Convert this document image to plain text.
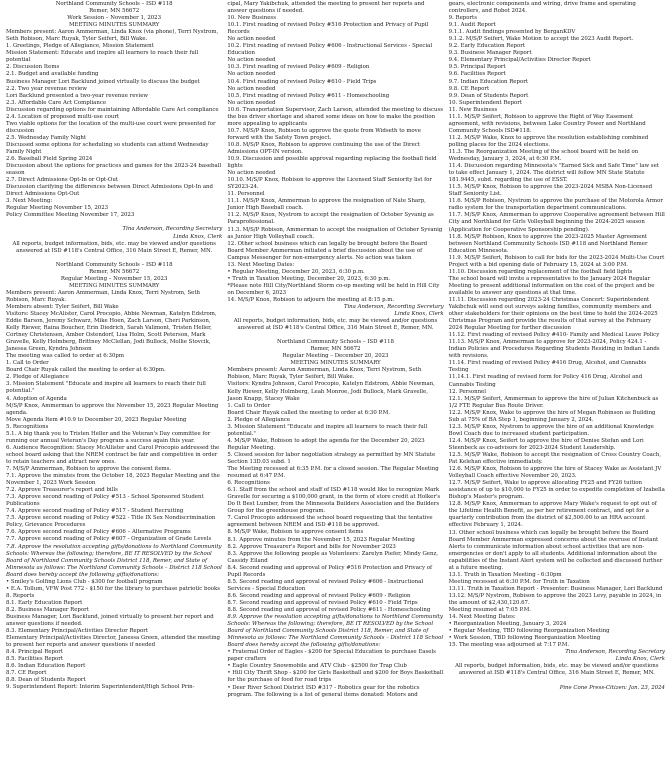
Northland Community Schools – ISD #118

Remer, MN 56672

Work Session – November 1, 2023

MEETING MINUTES SUMMARY

Members present: Aaron Ammerman, Linda Knox (via phone), Terri Nystrom, Seth Robison, Marc Ruyak, Tyler Seifert, Bill Wake.

1. Greetings, Pledge of Allegiance, Mission Statement

Mission Statement: Educate and inspire all learners to reach their full potential

2. Discussion Items

2.1. Budget and available funding

Business Manager Lori Backlund joined virtually to discuss the budget

2.2. Two year revenue review

Lori Backlund presented a two-year revenue review

2.3. Affordable Care Act Compliance

Discussion regarding options for maintaining Affordable Care Act compliance

2.4. Location of proposed multi-use court

Two viable options for the location of the multi-use court were presented for discussion

2.5. Wednesday Family Night

Discussed some options for scheduling so students can attend Wednesday Family Night

2.6. Baseball Field Spring 2024

Discussion about the options for practices and games for the 2023-24 baseball season

2.7. Direct Admissions Opt-In or Opt-Out

Discussion clarifying the differences between Direct Admissions Opt-In and Direct Admissions Opt-Out

3. Next Meeting:

Regular Meeting November 15, 2023

Policy Committee Meeting November 17, 2023

Tina Anderson, Recording Secretary

Linda Knox, Clerk

All reports, budget information, bids, etc. may be viewed and/or questions answered at ISD #118's Central Office, 316 Main Street E, Remer, MN.

Northland Community Schools – ISD #118

Remer, MN 56672

Regular Meeting – November 15, 2023

MEETING MINUTES SUMMARY

Members present: Aaron Ammerman, Linda Knox, Terri Nystrom, Seth Robison, Marc Ruyak.

Members absent: Tyler Seifert, Bill Wake

Visitors: Stacey McAlister, Carol Procopio, Abbie Newman, Katelyn Edstrom, Eddie Barson, Jeremy Schwarz, Mike Hoen, Zach Larson, Cheri Parkinson, Kelly Riewer, Raina Boucher, Erin Diedrich, Sarah Valimont, Tristen Heller, Cortney Christensen, Amber Ostendorf, Lisa Holm, Scott Peterson, Mark Gravelle, Kelly Holmberg, Brittney McClellan, Jodi Bullock, Mollie Stovcik, Janessa Green, Kyndra Johnson

The meeting was called to order at 6:30pm

1. Call to Order

Board Chair Ruyak called the meeting to order at 6:30pm.

2. Pledge of Allegiance

3. Mission Statement "Educate and inspire all learners to reach their full potential."

4. Adoption of Agenda

M/S/P Knox, Ammerman to approve the November 15, 2023 Regular Meeting agenda.

Move Agenda Item #10.9 to December 20, 2023 Regular Meeting

5. Recognitions

5.1. A big thank you to Tristen Heller and the Veteran's Day committee for running our annual Veteran's Day program a success again this year.

6. Audience Recognition: Stacey McAllister and Carol Procopio addressed the school board asking that the NREM contract be fair and competitive in order to retain teachers and attract new ones.

7. M/S/P Ammerman, Robison to approve the consent items.

7.1. Approve the minutes from the October 18, 2023 Regular Meeting and the November 1, 2023 Work Session

7.2. Approve Treasurer's report and bills

7.3. Approve second reading of Policy #513 - School Sponsored Student Publications

7.4. Approve second reading of Policy #517 - Student Recruiting

7.5. Approve second reading of Policy #522 - Title IX Sex Nondiscrimination Policy, Grievance Procedures

7.6. Approve second reading of Policy #606 – Alternative Programs

7.7. Approve second reading of Policy #607 - Organization of Grade Levels

7.8. Approve the resolution accepting gifts/donations to Northland Community Schools: Whereas the following; therefore, BE IT RESOLVED by the School Board of Northland Community Schools District 118, Remer, and State of Minnesota as follows: The Northland Community Schools – District 118 School Board does hereby accept the following gifts/donations:

• Smiley's Golfing Lions Club - $300 for football program

• E.A. Tollum, VFW Post 772 - $150 for the library to purchase patriotic books

8. Reports

8.1. Early Education Report

8.2. Business Manager Report

Business Manager, Lori Backlund, joined virtually to present her report and answer questions if needed.

8.3. Elementary Principal/Activities Director Report

Elementary Principal/Activities Director, Janessa Green, attended the meeting to present her reports and answer questions if needed

8.4. Principal Report

8.5. Facilities Report

8.6. Indian Education Report

8.7. CE Report

8.8. Dean of Students Report

9. Superintendent Report: Interim Superintendent/High School Prin-

cipal, Mary Yakibchuk, attended the meeting to present her reports and answer questions if needed.

10. New Business

10.1. First reading of revised Policy #516 Protection and Privacy of Pupil Records

No action needed

10.2. First reading of revised Policy #606 - Instructional Services - Special Education

No action needed

10.3. First reading of revised Policy #609 - Religion

No action needed

10.4. First reading of revised Policy #610 - Field Trips

No action needed

10.5. First reading of revised Policy #611 - Homeschooling

No action needed

10.6. Transportation Supervisor, Zach Larson, attended the meeting to discuss the bus driver shortage and shared some ideas on how to make the position more appealing to applicants

10.7. M/S/P Knox, Robison to approve the quote from Widseth to move forward with the Safety Town project.

10.8. M/S/P Knox, Robison to approve continuing the use of the Direct Admissions OPT-IN version.

10.9. Discussion and possible approval regarding replacing the football field lights

No action needed

10.10. M/S/P Knox, Robison to approve the Licensed Staff Seniority list for SY2023-24.

11. Personnel

11.1. M/S/P Knox, Ammerman to approve the resignation of Nate Sharp, Junior High Baseball coach.

11.2. M/S/P Knox, Nystrom to accept the resignation of October Syvanig as Paraprofessional.

11.3. M/S/P Robison, Ammerman to accept the resignation of October Syvanig as Junior High Volleyball coach.

12. Other school business which can legally be brought before the Board

Board Member Ammerman initiated a brief discussion about the use of Campus Messenger for non-emergency alerts. No action was taken

13. Next Meeting Dates:

• Regular Meeting, December 20, 2023, 6:30 p.m.

• Truth in Taxation Meeting, December 20, 2023, 6:30 p.m.

*Please note Hill City/Northland Storm co-op meeting will be held in Hill City on December 6, 2023

14. M/S/P Knox, Robison to adjourn the meeting at 8:15 p.m.

Tina Anderson, Recording Secretary

Linda Knox, Clerk

All reports, budget information, bids, etc. may be viewed and/or questions answered at ISD #118's Central Office, 316 Main Street E, Remer, MN.

Northland Community Schools – ISD #118

Remer, MN 56672

Regular Meeting – December 20, 2023

MEETING MINUTES SUMMARY

Members present: Aaron Ammerman, Linda Knox, Terri Nystrom, Seth Robison, Marc Ruyak, Tyler Seifert, Bill Wake.

Visitors: Kyndra Johnson, Carol Procopio, Katelyn Edstrom, Abbie Newman, Kelly Riewer, Kelly Holmberg, Leah Monroe, Jodi Bullock, Mark Gravelle, Jason Knapp, Stacey Wake

1. Call to Order

Board Chair Ruyak called the meeting to order at 6:30 P.M.

2. Pledge of Allegiance

3. Mission Statement "Educate and inspire all learners to reach their full potential."

4. M/S/P Wake, Robison to adopt the agenda for the December 20, 2023 Regular Meeting.

5. Closed session for labor negotiation strategy as permitted by MN Statute Section 13D.03 subd. 1

The Meeting recessed at 6:35 P.M. for a closed session. The Regular Meeting resumed at 6:47 P.M.

6. Recognitions

6.1. Staff from the school and staff of ISD #118 would like to recognize Mark Gravelle for securing a $100,000 grant, in the form of store credit at Holker's Do It Best Lumber, from the Minnesota Builders Association and the Builders Group for the greenhouse program.

7. Carol Procopio addressed the school board requesting that the tentative agreement between NREM and ISD #118 be approved.

8. M/S/P Wake, Robison to approve consent items

8.1. Approve minutes from the November 15, 2023 Regular Meeting

8.2. Approve Treasurer's Report and bills for November 2023

8.3. Approve the following people as Volunteers: Zarelyn Piefer, Mindy Genz, Cassidy Eiland

8.4. Second reading and approval of Policy #516 Protection and Privacy of Pupil Records

8.5. Second reading and approval of revised Policy #606 - Instructional Services - Special Education

8.6. Second reading and approval of revised Policy #609 - Religion

8.7. Second reading and approval of revised Policy #610 - Field Trips

8.8. Second reading and approval of revised Policy #611 - Homeschooling

8.9. Approve the resolution accepting gifts/donations to Northland Community Schools: Whereas the following; therefore, BE IT RESOLVED by the School Board of Northland Community Schools District 118, Remer, and State of Minnesota as follows: The Northland Community Schools – District 118 School Board does hereby accept the following gifts/donations:

• Fraternal Order of Eagles - $200 for Special Education to purchase Easels paper crafters

• Eagle Country Snowmobile and ATV Club - $2500 for Trap Club

• Hill City Thrift Shop - $200 for Girls Basketball and $200 for Boys Basketball for the purchase of food for road trips

• Deer River School District ISD #317 - Robotics gear for the robotics program. The following is a list of general items donated: Motors and

gears, electronic components and wiring, drive frame and operating controllers, and Robot 2024.

9. Reports

9.1. Audit Report

9.1.1. Audit findings presented by BerganKDV

9.1.2. M/S/P Seifert, Wake Motion to accept the 2023 Audit Report.

9.2. Early Education Report

9.3. Business Manager Report

9.4. Elementary Principal/Activities Director Report

9.5. Principal Report

9.6. Facilities Report

9.7. Indian Education Report

9.8. CE Report

9.9. Dean of Students Report

10. Superintendent Report

11. New Business

11.1. M/S/P Seifert, Robison to approve the Right of Way Easement agreement, with revisions, between Lake Country Power and Northland Community Schools ISD#118.

11.2. M/S/P Wake, Knox to approve the resolution establishing combined polling places for the 2024 elections.

11.3. The Reorganization Meeting of the school board will be held on Wednesday, January 3, 2024, at 6:30 P.M.

11.4. Discussion regarding Minnesota's "Earned Sick and Safe Time" law set to take effect January 1, 2024. The district will follow MN State Statute 181.9445, subd. regarding the use of ESST.

11.5. M/S/P Knox, Robison to approve the 2023-2024 MSBA Non-Licensed Staff Seniority List.

11.6. M/S/P Robison, Nystrom to approve the purchase of the Motorola Armor radio system for the transportation department communications.

11.7. M/S/P Knox, Ammerman to approve Cooperative agreement between Hill City and Northland for Girls Volleyball beginning the 2024-2025 season (Application for Cooperative Sponsorship pending).

11.8. M/S/P Robison, Knox to approve the 2023-2025 Master Agreement between Northland Community Schools ISD #118 and Northland Remer Education Minnesota.

11.9. M/S/P Seifert, Robison to call for bids for the 2023-2024 Multi-Use Court Project with a bid opening date of February 15, 2024 at 3:00 P.M.

11.10. Discussion regarding replacement of the football field lights

The school board will invite a representative to the January 2024 Regular Meeting to present additional information on the cost of the project and be available to answer any questions at that time.

11.11. Discussion regarding 2023-24 Christmas Concert: Superintendent Yakibchuk will send out surveys asking families, community members and other stakeholders for their opinions on the best time to hold the 2024-2025 Christmas Program and provide the results of that survey at the February 2024 Regular Meeting for further discussion

11.12. First reading of revised Policy #410- Family and Medical Leave Policy

11.13. M/S/P Knox, Ammerman to approve for 2023-2024, Policy 424.1 - Indian Policies and Procedures Regarding Students Residing in Indian Lands with revisions.

11.14. First reading of revised Policy #416 Drug, Alcohol, and Cannabis Testing

11.14.1. First reading of revised form for Policy 416 Drug, Alcohol and Cannabis Testing

12. Personnel

12.1. M/S/P Seifert, Ammerman to approve the hire of Julian Kitchenbuck as 1/2 FTE Regular Bus Route Driver.

12.2. M/S/P Knox, Wake to approve the hire of Megan Robinson as Building Sub at 75% of BA Step 1, beginning January 2, 2024.

12.3. M/S/P Knox, Nystrom to approve the hire of an additional Knowledge Bowl Coach due to increased student participation.

12.4. M/S/P Knox, Seifert to approve the hire of Denise Stefan and Lori Steenbeck as co-advisors for 2023-2024 Student Leadership.

12.5. M/S/P Wake, Robison to accept the resignation of Cross Country Coach, Pat Kelehan effective immediately.

12.6. M/S/P Knox, Robison to approve the hire of Stacey Wake as Assistant JV Volleyball Coach effective November 20, 2023.

12.7. M/S/P Seifert, Wake to approve allocating FY25 and FY26 tuition assistance of up to $10,000 to FY25 in order to expedite completion of Izabella Bishop's Master's program.

12.8. M/S/P Knox, Ammerman to approve Mary Wake's request to opt out of the Lifetime Health Benefit, as per her retirement contract, and opt for a quarterly contribution from the district of $2,500.00 to an HRA account effective February 1, 2024.

13. Other school business which can legally be brought before the Board

Board Member Ammerman expressed concerns about the overuse of Instant Alerts to communicate information about school activities that are non-emergencies or don't apply to all students. Additional information about the capabilities of the Instant Alert system will be collected and discussed further at a future meeting.

13.1. Truth in Taxation Meeting - 6:30pm

Meeting recessed at 6:30 P.M. for Truth in Taxation

13.11. Truth in Taxation Report - Presenter: Business Manager, Lori Backlund

13.12. M/S/P Nystrom, Robison to approve the 2023 Levy, payable in 2024, in the amount of $2,430,120.67.

Meeting resumed at 7:05 P.M.

14. Next Meeting Dates:

• Reorganization Meeting, January 3, 2024

• Regular Meeting, TBD following Reorganization Meeting

• Work Session, TBD following Reorganization Meeting

15. The meeting was adjourned at 7:17 P.M.

Tina Anderson, Recording Secretary

Linda Knox, Clerk

All reports, budget information, bids, etc. may be viewed and/or questions answered at ISD #118's Central Office, 316 Main Street E, Remer, MN.

Pine Cone Press-Citizen: Jan. 23, 2024
